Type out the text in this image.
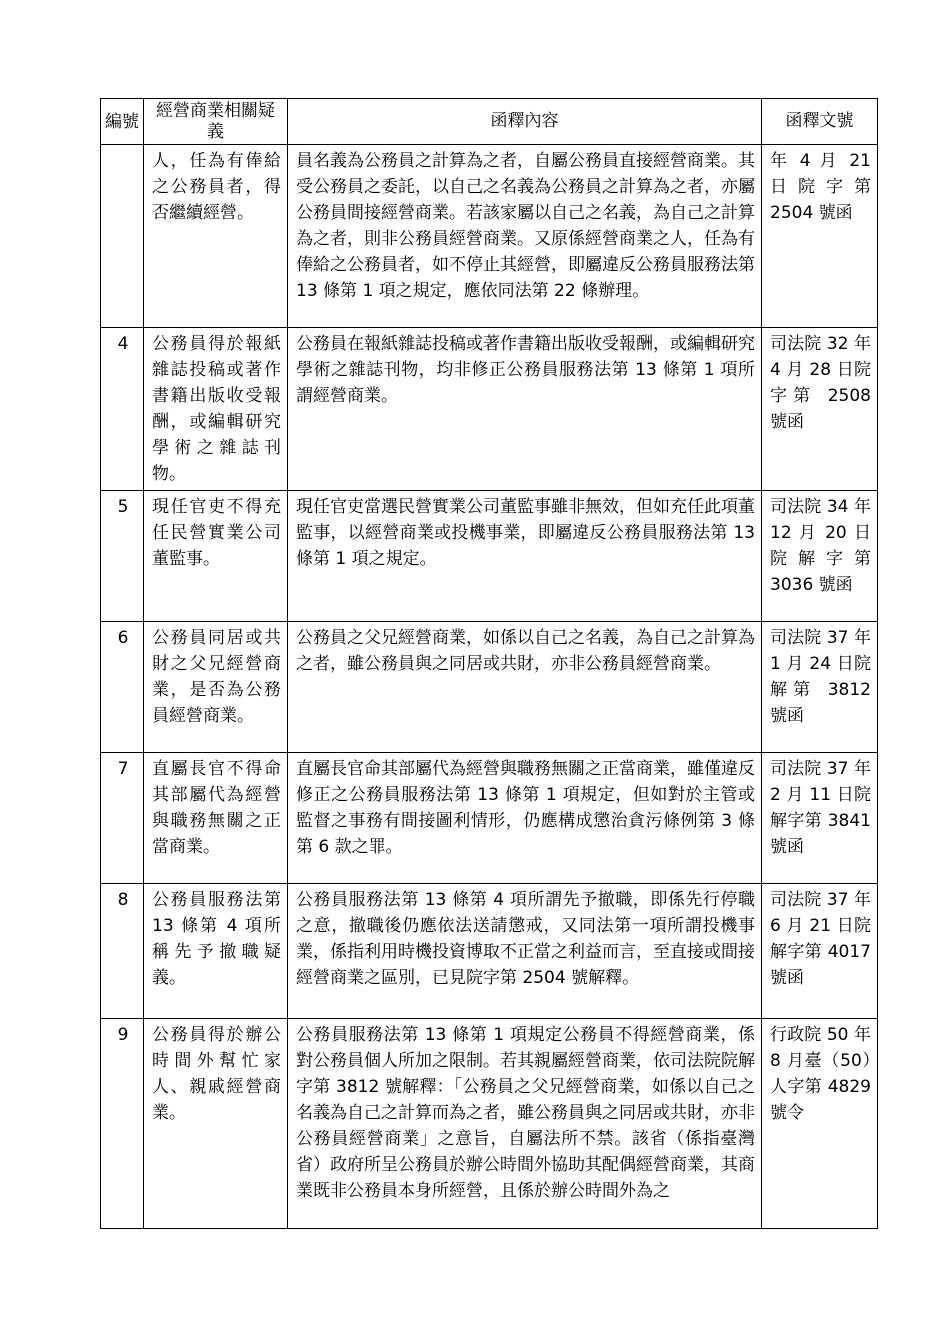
編號	經營商業相關疑義	函釋內容	函釋文號
	人，任為有俸給之公務員者，得否繼續經營。	員名義為公務員之計算為之者，自屬公務員直接經營商業。其受公務員之委託，以自己之名義為公務員之計算為之者，亦屬公務員間接經營商業。若該家屬以自己之名義，為自己之計算為之者，則非公務員經營商業。又原係經營商業之人，任為有俸給之公務員者，如不停止其經營，即屬違反公務員服務法第 13 條第 1 項之規定，應依同法第 22 條辦理。	年 4 月 21 日院字第 2504 號函
4	公務員得於報紙雜誌投稿或著作書籍出版收受報酬，或編輯研究學術之雜誌刊物。	公務員在報紙雜誌投稿或著作書籍出版收受報酬，或編輯研究學術之雜誌刊物，均非修正公務員服務法第 13 條第 1 項所謂經營商業。	司法院 32 年 4 月 28 日院字第 2508 號函
5	現任官吏不得充任民營實業公司董監事。	現任官吏當選民營實業公司董監事雖非無效，但如充任此項董監事，以經營商業或投機事業，即屬違反公務員服務法第 13 條第 1 項之規定。	司法院 34 年 12 月 20 日院解字第 3036 號函
6	公務員同居或共財之父兄經營商業，是否為公務員經營商業。	公務員之父兄經營商業，如係以自己之名義，為自己之計算為之者，雖公務員與之同居或共財，亦非公務員經營商業。	司法院 37 年 1 月 24 日院解第 3812 號函
7	直屬長官不得命其部屬代為經營與職務無關之正當商業。	直屬長官命其部屬代為經營與職務無關之正當商業，雖僅違反修正之公務員服務法第 13 條第 1 項規定，但如對於主管或監督之事務有間接圖利情形，仍應構成懲治貪污條例第 3 條第 6 款之罪。	司法院 37 年 2 月 11 日院解字第 3841 號函
8	公務員服務法第 13 條第 4 項所稱先予撤職疑義。	公務員服務法第 13 條第 4 項所謂先予撤職，即係先行停職之意，撤職後仍應依法送請懲戒，又同法第一項所謂投機事業，係指利用時機投資博取不正當之利益而言，至直接或間接經營商業之區別，已見院字第 2504 號解釋。	司法院 37 年 6 月 21 日院解字第 4017 號函
9	公務員得於辦公時間外幫忙家人、親戚經營商業。	公務員服務法第 13 條第 1 項規定公務員不得經營商業，係對公務員個人所加之限制。若其親屬經營商業，依司法院院解字第 3812 號解釋：「公務員之父兄經營商業，如係以自己之名義為自己之計算而為之者，雖公務員與之同居或共財，亦非公務員經營商業」之意旨，自屬法所不禁。該省（係指臺灣省）政府所呈公務員於辦公時間外協助其配偶經營商業，其商業既非公務員本身所經營，且係於辦公時間外為之	行政院 50 年 8 月臺（50）人字第 4829 號令
